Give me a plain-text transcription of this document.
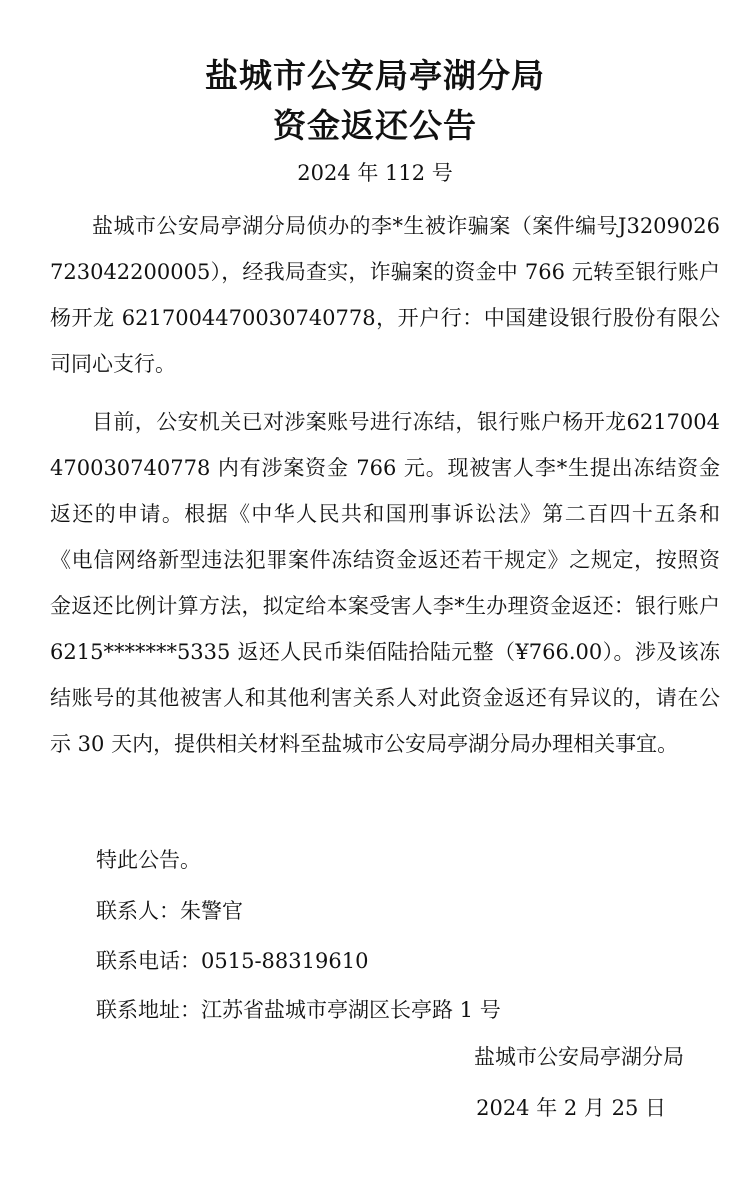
盐城市公安局亭湖分局
资金返还公告
2024 年 112 号
盐城市公安局亭湖分局侦办的李*生被诈骗案（案件编号J3209026723042200005），经我局查实，诈骗案的资金中 766 元转至银行账户杨开龙 6217004470030740778，开户行：中国建设银行股份有限公司同心支行。
目前，公安机关已对涉案账号进行冻结，银行账户杨开龙6217004470030740778 内有涉案资金 766 元。现被害人李*生提出冻结资金返还的申请。根据《中华人民共和国刑事诉讼法》第二百四十五条和《电信网络新型违法犯罪案件冻结资金返还若干规定》之规定，按照资金返还比例计算方法，拟定给本案受害人李*生办理资金返还：银行账户 6215*******5335 返还人民币柒佰陆拾陆元整（¥766.00）。涉及该冻结账号的其他被害人和其他利害关系人对此资金返还有异议的，请在公示 30 天内，提供相关材料至盐城市公安局亭湖分局办理相关事宜。
特此公告。
联系人：朱警官
联系电话：0515-88319610
联系地址：江苏省盐城市亭湖区长亭路 1 号
盐城市公安局亭湖分局
2024 年 2 月 25 日
